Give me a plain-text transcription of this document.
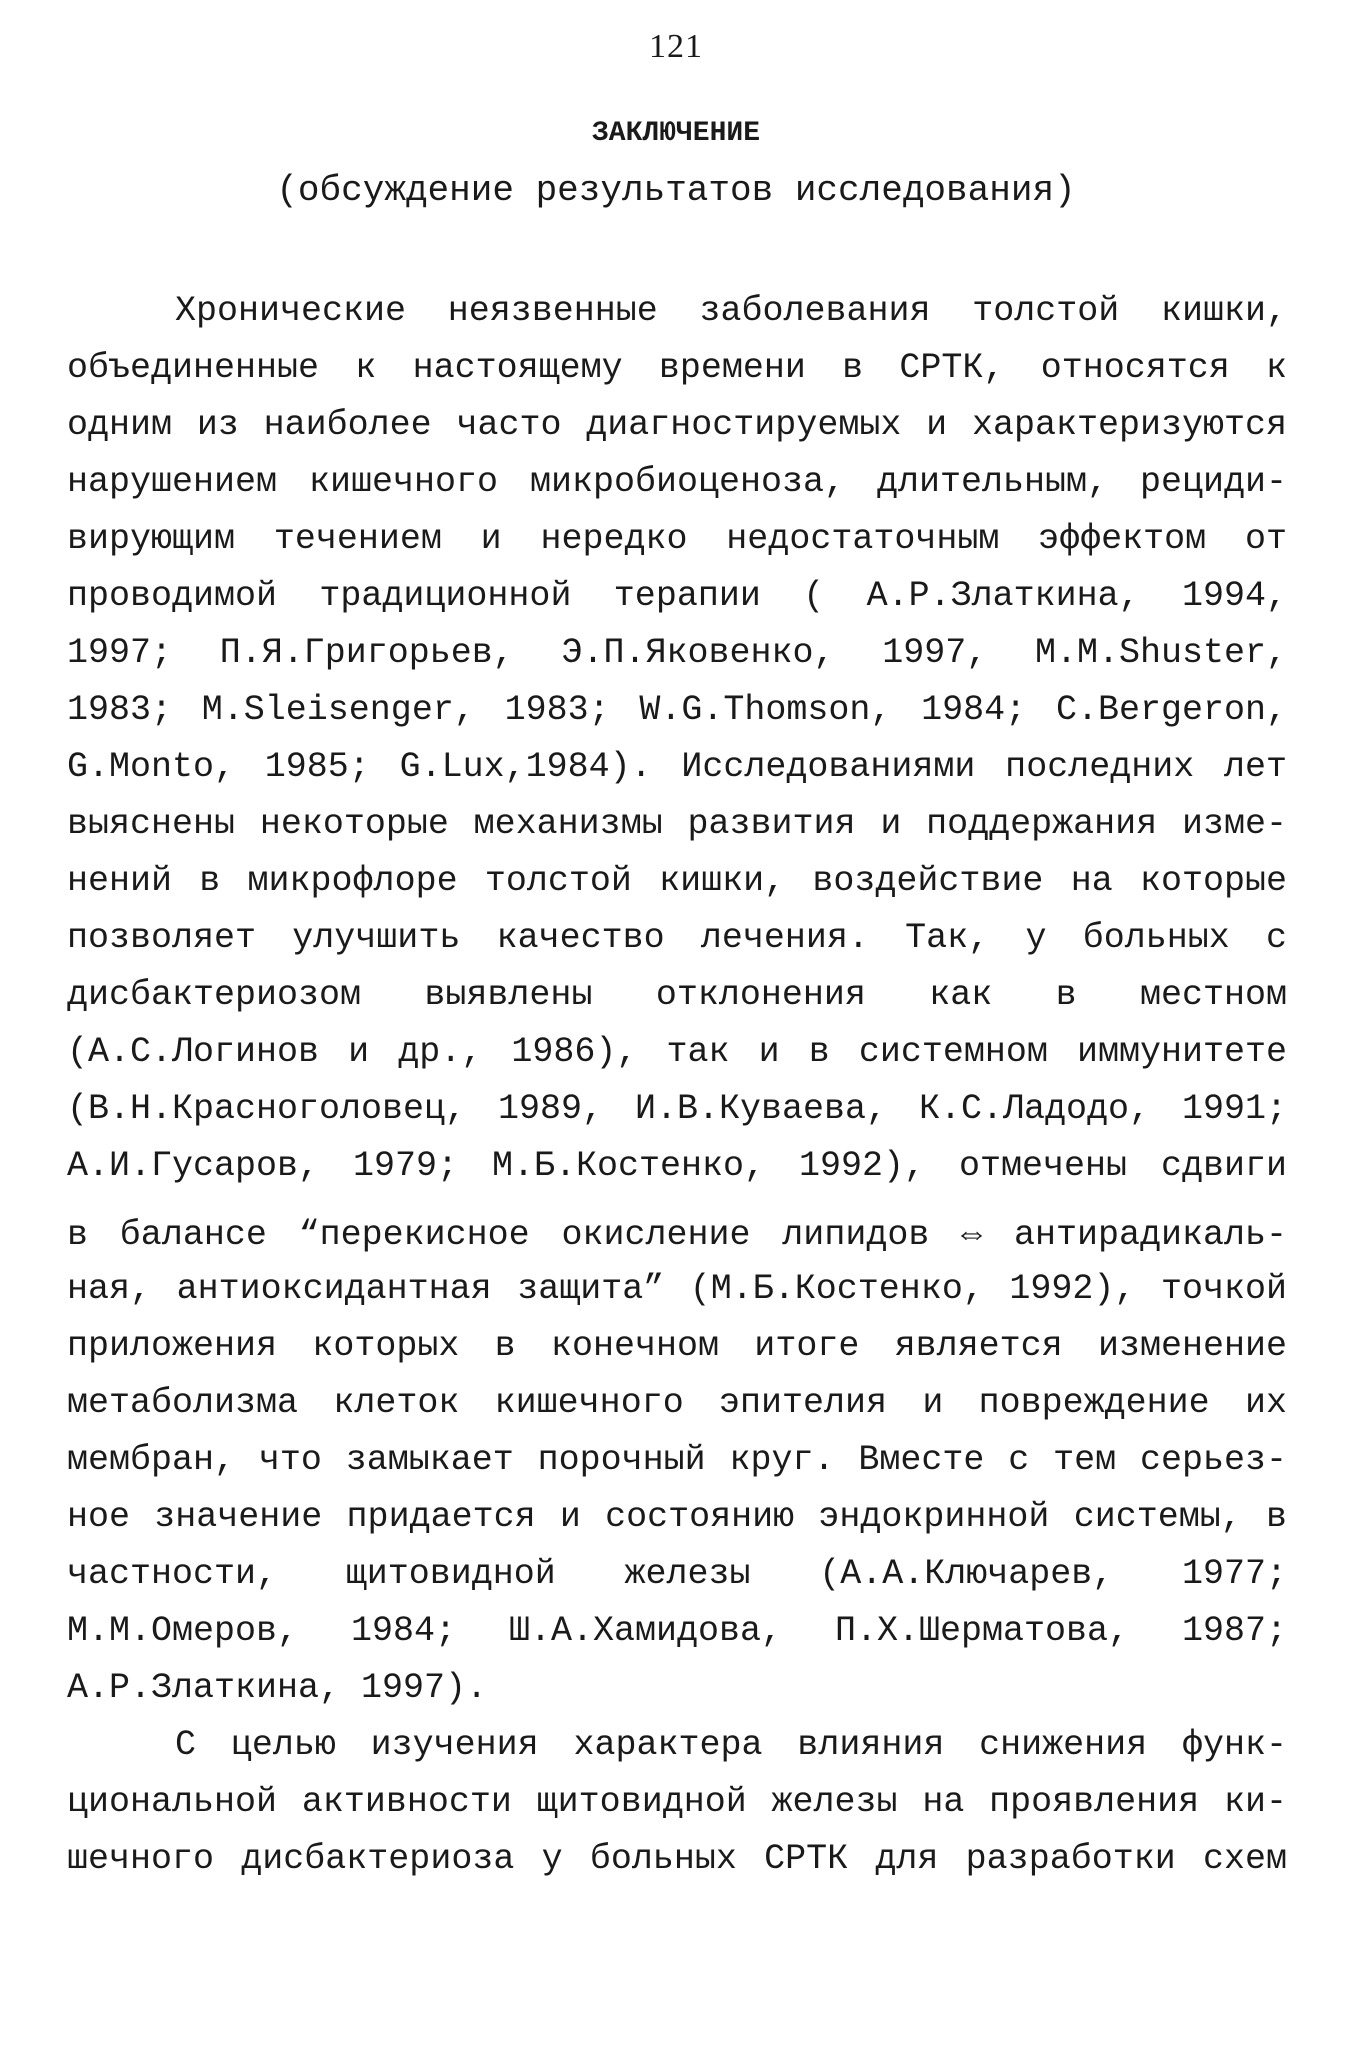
121
ЗАКЛЮЧЕНИЕ
(обсуждение результатов исследования)
Хронические неязвенные заболевания толстой кишки,
объединенные к настоящему времени в СРТК, относятся к
одним из наиболее часто диагностируемых и характеризуются
нарушением кишечного микробиоценоза, длительным, рециди-
вирующим течением и нередко недостаточным эффектом от
проводимой традиционной терапии ( А.Р.Златкина, 1994,
1997; П.Я.Григорьев, Э.П.Яковенко, 1997, M.M.Shuster,
1983; M.Sleisenger, 1983; W.G.Thomson, 1984; C.Bergeron,
G.Monto, 1985; G.Lux,1984). Исследованиями последних лет
выяснены некоторые механизмы развития и поддержания изме-
нений в микрофлоре толстой кишки, воздействие на которые
позволяет улучшить качество лечения. Так, у больных с
дисбактериозом выявлены отклонения как в местном
(А.С.Логинов и др., 1986), так и в системном иммунитете
(В.Н.Красноголовец, 1989, И.В.Куваева, К.С.Ладодо, 1991;
А.И.Гусаров, 1979; М.Б.Костенко, 1992), отмечены сдвиги
в балансе “перекисное окисление липидов ⇔ антирадикаль-
ная, антиоксидантная защита” (М.Б.Костенко, 1992), точкой
приложения которых в конечном итоге является изменение
метаболизма клеток кишечного эпителия и повреждение их
мембран, что замыкает порочный круг. Вместе с тем серьез-
ное значение придается и состоянию эндокринной системы, в
частности, щитовидной железы (А.А.Ключарев, 1977;
М.М.Омеров, 1984; Ш.А.Хамидова, П.Х.Шерматова, 1987;
А.Р.Златкина, 1997).
С целью изучения характера влияния снижения функ-
циональной активности щитовидной железы на проявления ки-
шечного дисбактериоза у больных СРТК для разработки схем
